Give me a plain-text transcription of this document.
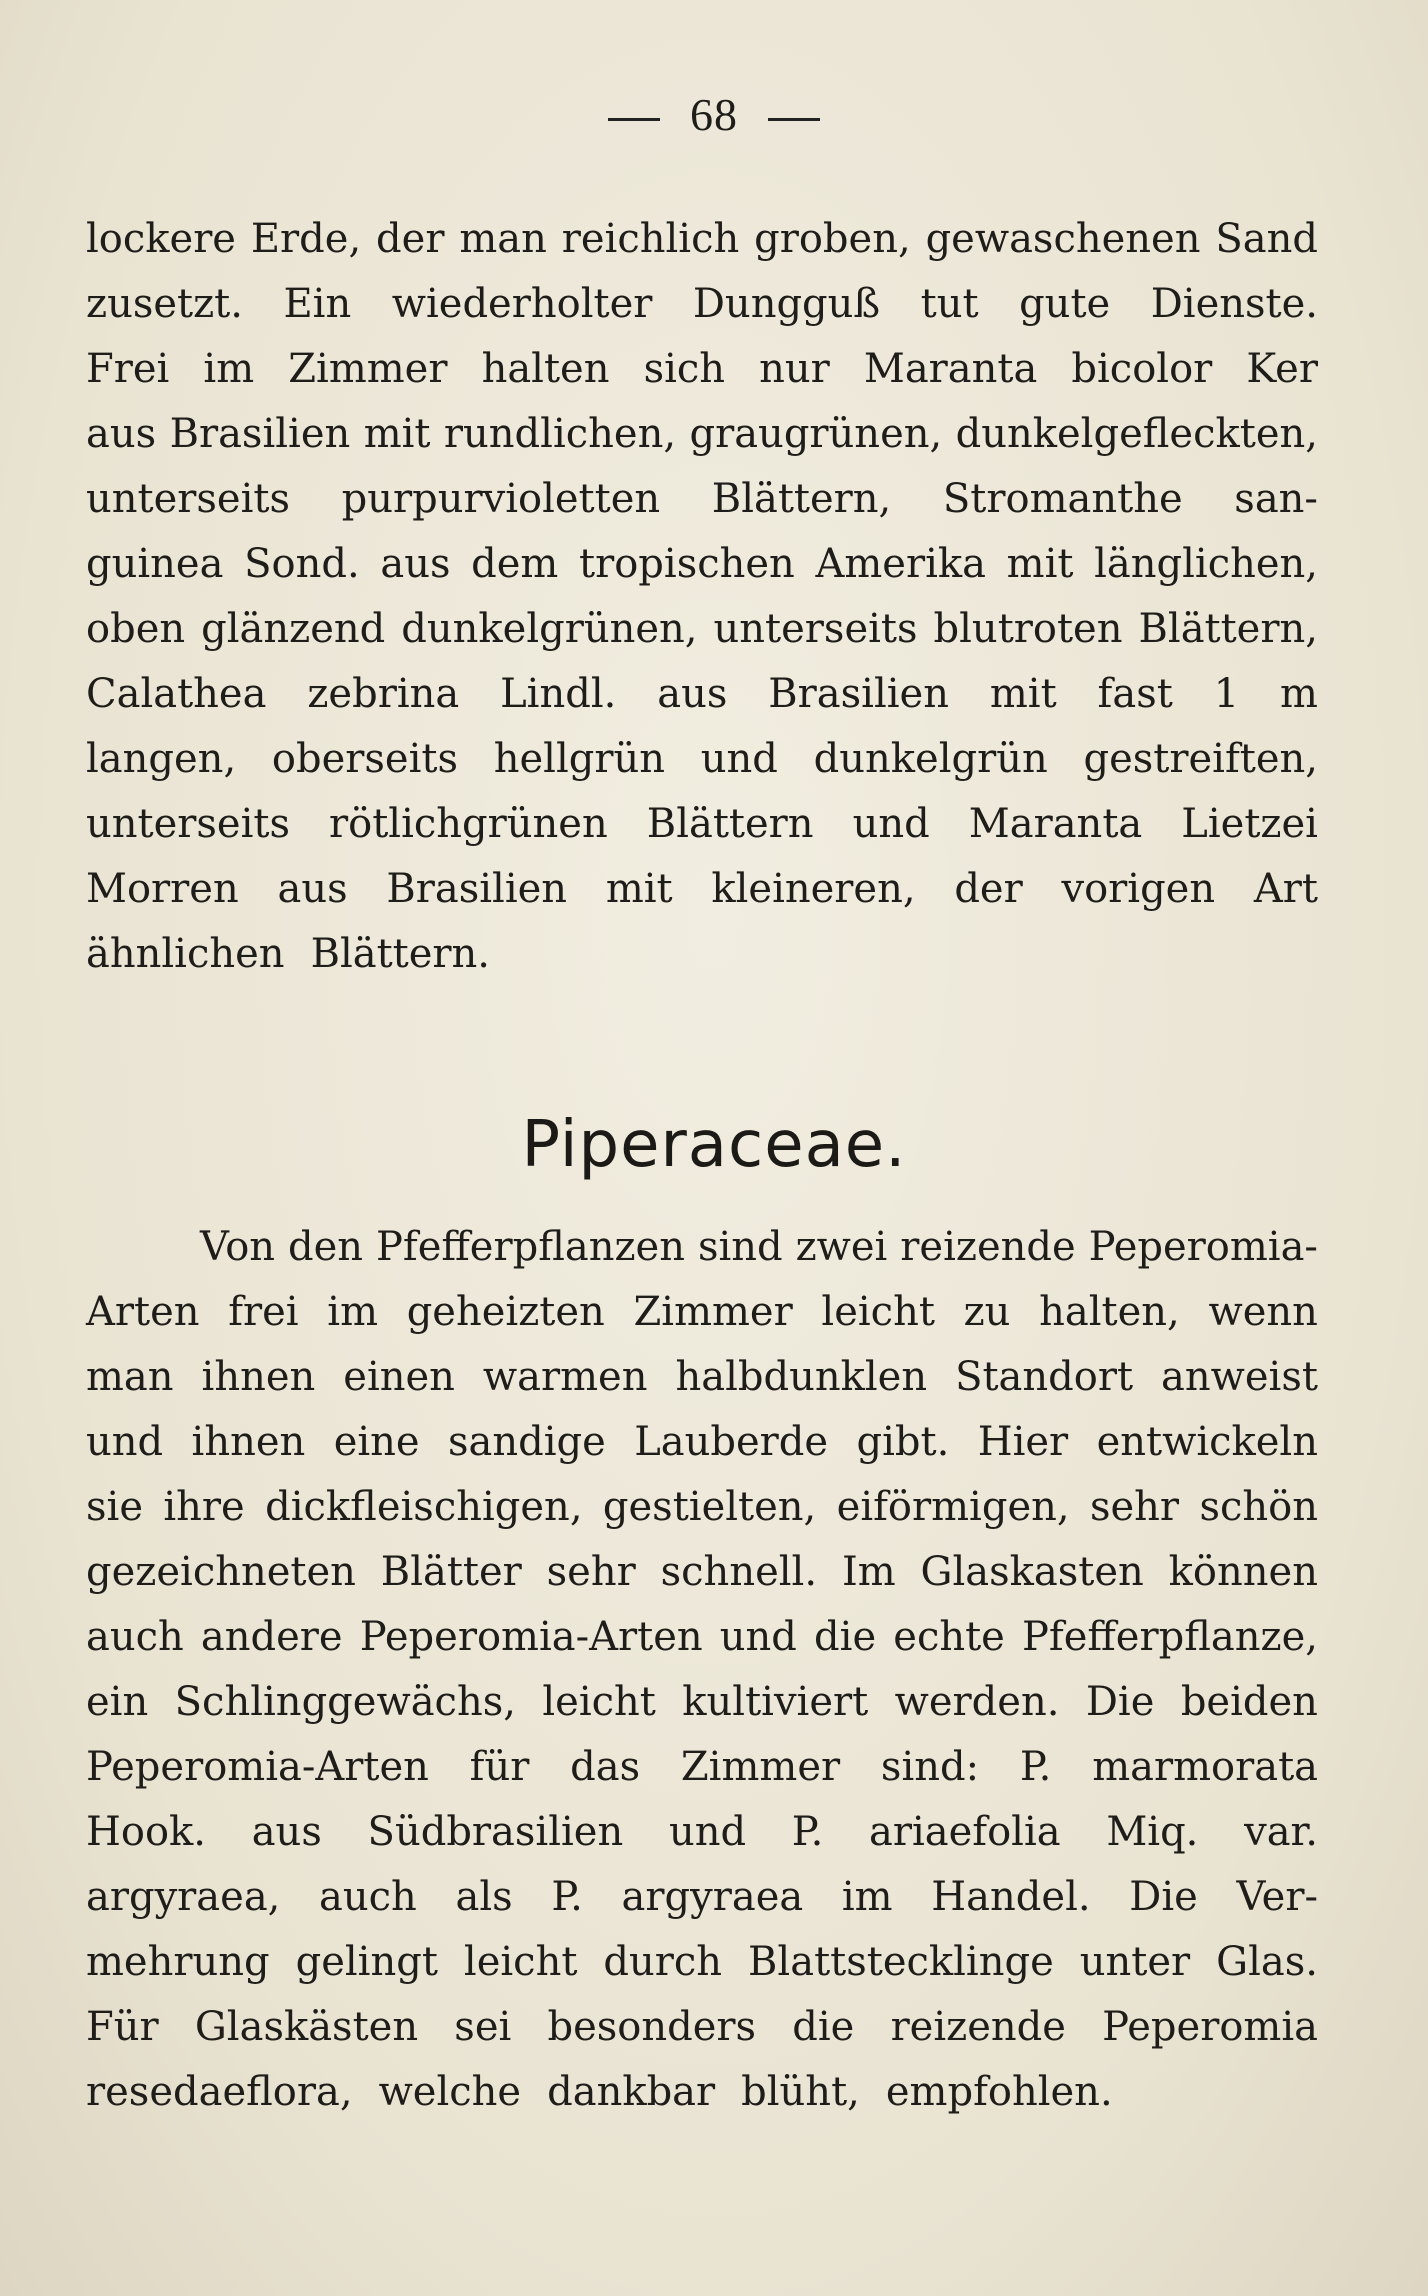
68
lockere Erde, der man reichlich groben, gewaschenen Sand
zusetzt. Ein wiederholter Dungguß tut gute Dienste.
Frei im Zimmer halten sich nur Maranta bicolor Ker
aus Brasilien mit rundlichen, graugrünen, dunkelgefleckten,
unterseits purpurvioletten Blättern, Stromanthe san-
guinea Sond. aus dem tropischen Amerika mit länglichen,
oben glänzend dunkelgrünen, unterseits blutroten Blättern,
Calathea zebrina Lindl. aus Brasilien mit fast 1 m
langen, oberseits hellgrün und dunkelgrün gestreiften,
unterseits rötlichgrünen Blättern und Maranta Lietzei
Morren aus Brasilien mit kleineren, der vorigen Art
ähnlichen Blättern.
Piperaceae.
Von den Pfefferpflanzen sind zwei reizende Peperomia-
Arten frei im geheizten Zimmer leicht zu halten, wenn
man ihnen einen warmen halbdunklen Standort anweist
und ihnen eine sandige Lauberde gibt. Hier entwickeln
sie ihre dickfleischigen, gestielten, eiförmigen, sehr schön
gezeichneten Blätter sehr schnell. Im Glaskasten können
auch andere Peperomia-Arten und die echte Pfefferpflanze,
ein Schlinggewächs, leicht kultiviert werden. Die beiden
Peperomia-Arten für das Zimmer sind: P. marmorata
Hook. aus Südbrasilien und P. ariaefolia Miq. var.
argyraea, auch als P. argyraea im Handel. Die Ver-
mehrung gelingt leicht durch Blattstecklinge unter Glas.
Für Glaskästen sei besonders die reizende Peperomia
resedaeflora, welche dankbar blüht, empfohlen.
